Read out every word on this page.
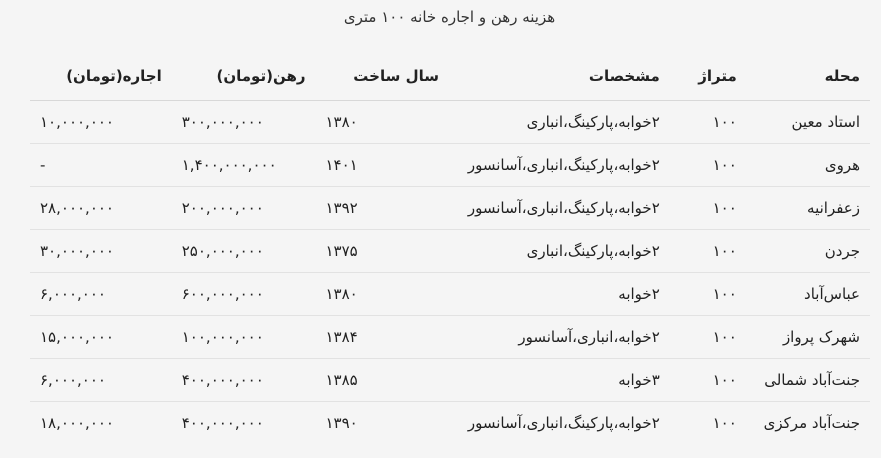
هزینه رهن و اجاره خانه ۱۰۰ متری
محله	متراژ	مشخصات	سال ساخت	رهن(تومان)	اجاره(تومان)
استاد معین	۱۰۰	۲خوابه،پارکینگ،انباری	۱۳۸۰	۳۰۰,۰۰۰,۰۰۰	۱۰,۰۰۰,۰۰۰
هروی	۱۰۰	۲خوابه،پارکینگ،انباری،آسانسور	۱۴۰۱	۱,۴۰۰,۰۰۰,۰۰۰	-
زعفرانیه	۱۰۰	۲خوابه،پارکینگ،انباری،آسانسور	۱۳۹۲	۲۰۰,۰۰۰,۰۰۰	۲۸,۰۰۰,۰۰۰
جردن	۱۰۰	۲خوابه،پارکینگ،انباری	۱۳۷۵	۲۵۰,۰۰۰,۰۰۰	۳۰,۰۰۰,۰۰۰
عباس‌آباد	۱۰۰	۲خوابه	۱۳۸۰	۶۰۰,۰۰۰,۰۰۰	۶,۰۰۰,۰۰۰
شهرک پرواز	۱۰۰	۲خوابه،انباری،آسانسور	۱۳۸۴	۱۰۰,۰۰۰,۰۰۰	۱۵,۰۰۰,۰۰۰
جنت‌آباد شمالی	۱۰۰	۳خوابه	۱۳۸۵	۴۰۰,۰۰۰,۰۰۰	۶,۰۰۰,۰۰۰
جنت‌آباد مرکزی	۱۰۰	۲خوابه،پارکینگ،انباری،آسانسور	۱۳۹۰	۴۰۰,۰۰۰,۰۰۰	۱۸,۰۰۰,۰۰۰
